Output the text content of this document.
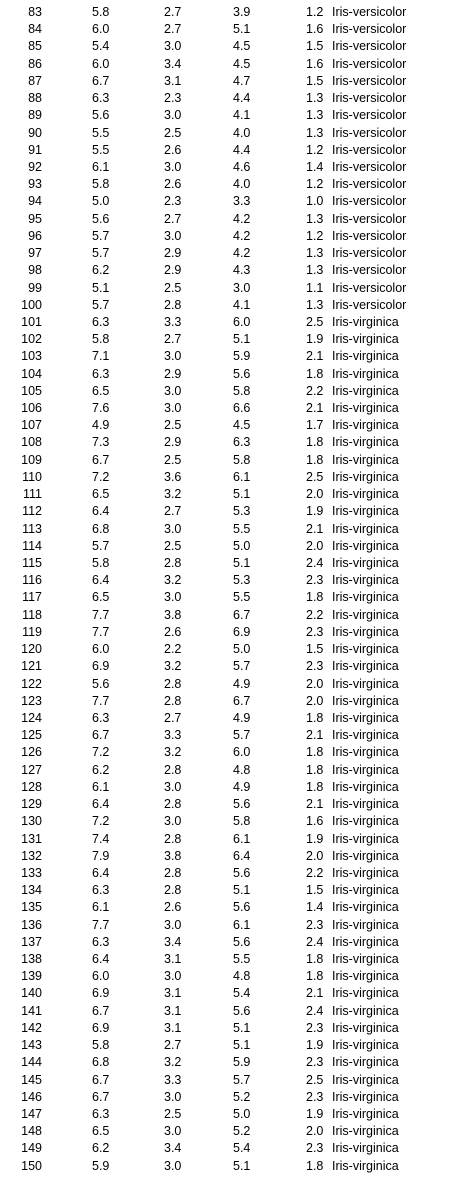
83	5.8	2.7	3.9	1.2 Iris-versicolor
84	6.0	2.7	5.1	1.6 Iris-versicolor
85	5.4	3.0	4.5	1.5 Iris-versicolor
86	6.0	3.4	4.5	1.6 Iris-versicolor
87	6.7	3.1	4.7	1.5 Iris-versicolor
88	6.3	2.3	4.4	1.3 Iris-versicolor
89	5.6	3.0	4.1	1.3 Iris-versicolor
90	5.5	2.5	4.0	1.3 Iris-versicolor
91	5.5	2.6	4.4	1.2 Iris-versicolor
92	6.1	3.0	4.6	1.4 Iris-versicolor
93	5.8	2.6	4.0	1.2 Iris-versicolor
94	5.0	2.3	3.3	1.0 Iris-versicolor
95	5.6	2.7	4.2	1.3 Iris-versicolor
96	5.7	3.0	4.2	1.2 Iris-versicolor
97	5.7	2.9	4.2	1.3 Iris-versicolor
98	6.2	2.9	4.3	1.3 Iris-versicolor
99	5.1	2.5	3.0	1.1 Iris-versicolor
100	5.7	2.8	4.1	1.3 Iris-versicolor
101	6.3	3.3	6.0	2.5 Iris-virginica
102	5.8	2.7	5.1	1.9 Iris-virginica
103	7.1	3.0	5.9	2.1 Iris-virginica
104	6.3	2.9	5.6	1.8 Iris-virginica
105	6.5	3.0	5.8	2.2 Iris-virginica
106	7.6	3.0	6.6	2.1 Iris-virginica
107	4.9	2.5	4.5	1.7 Iris-virginica
108	7.3	2.9	6.3	1.8 Iris-virginica
109	6.7	2.5	5.8	1.8 Iris-virginica
110	7.2	3.6	6.1	2.5 Iris-virginica
111	6.5	3.2	5.1	2.0 Iris-virginica
112	6.4	2.7	5.3	1.9 Iris-virginica
113	6.8	3.0	5.5	2.1 Iris-virginica
114	5.7	2.5	5.0	2.0 Iris-virginica
115	5.8	2.8	5.1	2.4 Iris-virginica
116	6.4	3.2	5.3	2.3 Iris-virginica
117	6.5	3.0	5.5	1.8 Iris-virginica
118	7.7	3.8	6.7	2.2 Iris-virginica
119	7.7	2.6	6.9	2.3 Iris-virginica
120	6.0	2.2	5.0	1.5 Iris-virginica
121	6.9	3.2	5.7	2.3 Iris-virginica
122	5.6	2.8	4.9	2.0 Iris-virginica
123	7.7	2.8	6.7	2.0 Iris-virginica
124	6.3	2.7	4.9	1.8 Iris-virginica
125	6.7	3.3	5.7	2.1 Iris-virginica
126	7.2	3.2	6.0	1.8 Iris-virginica
127	6.2	2.8	4.8	1.8 Iris-virginica
128	6.1	3.0	4.9	1.8 Iris-virginica
129	6.4	2.8	5.6	2.1 Iris-virginica
130	7.2	3.0	5.8	1.6 Iris-virginica
131	7.4	2.8	6.1	1.9 Iris-virginica
132	7.9	3.8	6.4	2.0 Iris-virginica
133	6.4	2.8	5.6	2.2 Iris-virginica
134	6.3	2.8	5.1	1.5 Iris-virginica
135	6.1	2.6	5.6	1.4 Iris-virginica
136	7.7	3.0	6.1	2.3 Iris-virginica
137	6.3	3.4	5.6	2.4 Iris-virginica
138	6.4	3.1	5.5	1.8 Iris-virginica
139	6.0	3.0	4.8	1.8 Iris-virginica
140	6.9	3.1	5.4	2.1 Iris-virginica
141	6.7	3.1	5.6	2.4 Iris-virginica
142	6.9	3.1	5.1	2.3 Iris-virginica
143	5.8	2.7	5.1	1.9 Iris-virginica
144	6.8	3.2	5.9	2.3 Iris-virginica
145	6.7	3.3	5.7	2.5 Iris-virginica
146	6.7	3.0	5.2	2.3 Iris-virginica
147	6.3	2.5	5.0	1.9 Iris-virginica
148	6.5	3.0	5.2	2.0 Iris-virginica
149	6.2	3.4	5.4	2.3 Iris-virginica
150	5.9	3.0	5.1	1.8 Iris-virginica
